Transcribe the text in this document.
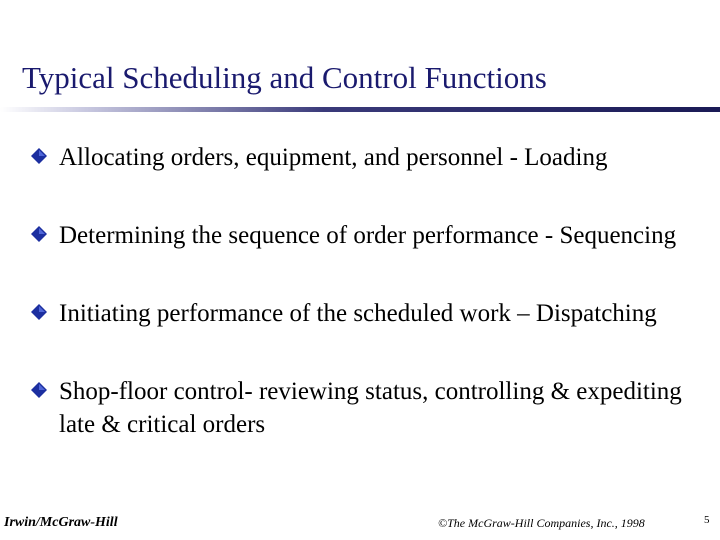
Typical Scheduling and Control Functions
Allocating orders, equipment, and personnel - Loading
Determining the sequence of order performance - Sequencing
Initiating performance of the scheduled work – Dispatching
Shop-floor control- reviewing status, controlling & expediting late & critical orders
Irwin/McGraw-Hill	©The McGraw-Hill Companies, Inc., 1998	5
